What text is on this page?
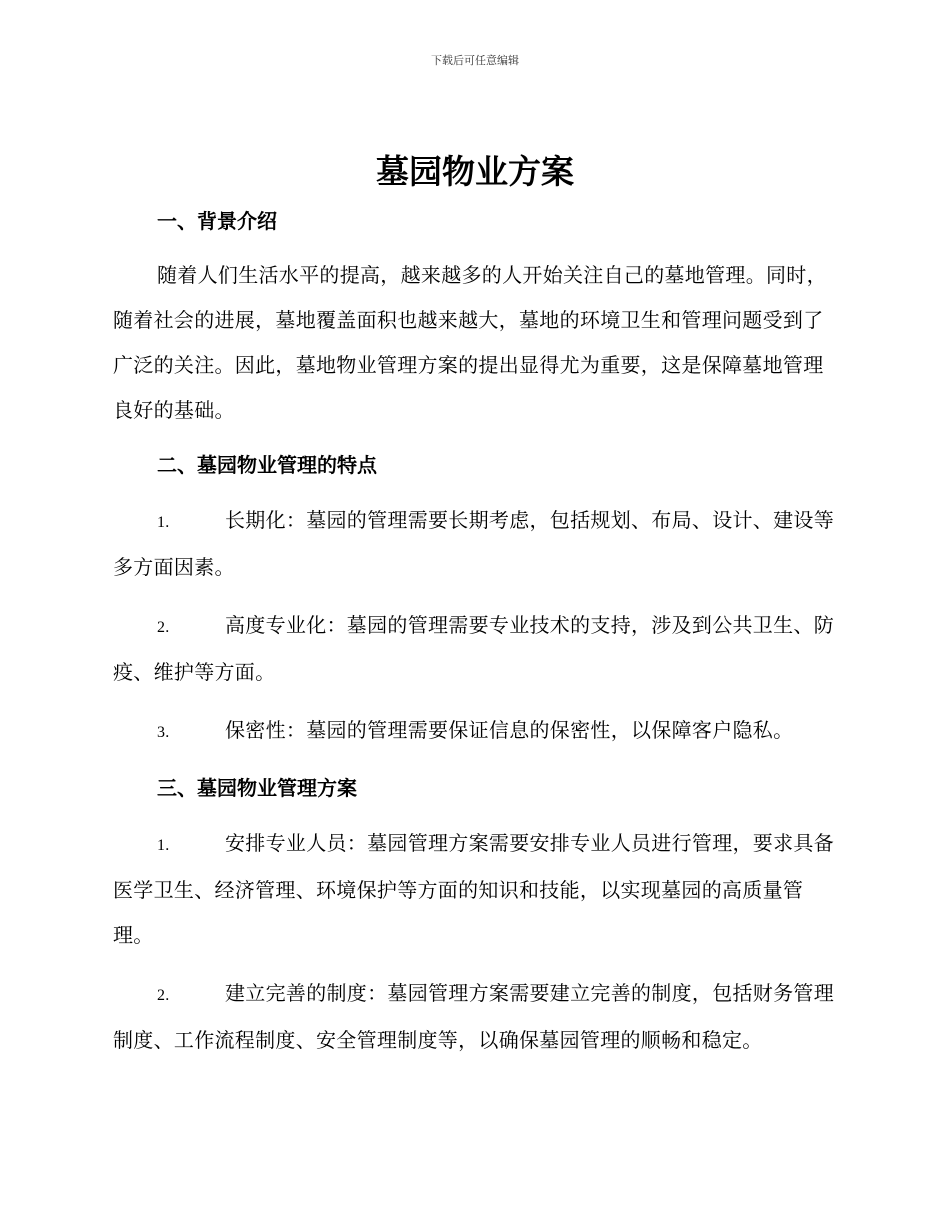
下载后可任意编辑
墓园物业方案

一、背景介绍

随着人们生活水平的提高，越来越多的人开始关注自己的墓地管理。同时，随着社会的进展，墓地覆盖面积也越来越大，墓地的环境卫生和管理问题受到了广泛的关注。因此，墓地物业管理方案的提出显得尤为重要，这是保障墓地管理良好的基础。

二、墓园物业管理的特点

1.	长期化：墓园的管理需要长期考虑，包括规划、布局、设计、建设等多方面因素。

2.	高度专业化：墓园的管理需要专业技术的支持，涉及到公共卫生、防疫、维护等方面。

3.	保密性：墓园的管理需要保证信息的保密性，以保障客户隐私。

三、墓园物业管理方案

1.	安排专业人员：墓园管理方案需要安排专业人员进行管理，要求具备医学卫生、经济管理、环境保护等方面的知识和技能，以实现墓园的高质量管理。

2.	建立完善的制度：墓园管理方案需要建立完善的制度，包括财务管理制度、工作流程制度、安全管理制度等，以确保墓园管理的顺畅和稳定。
